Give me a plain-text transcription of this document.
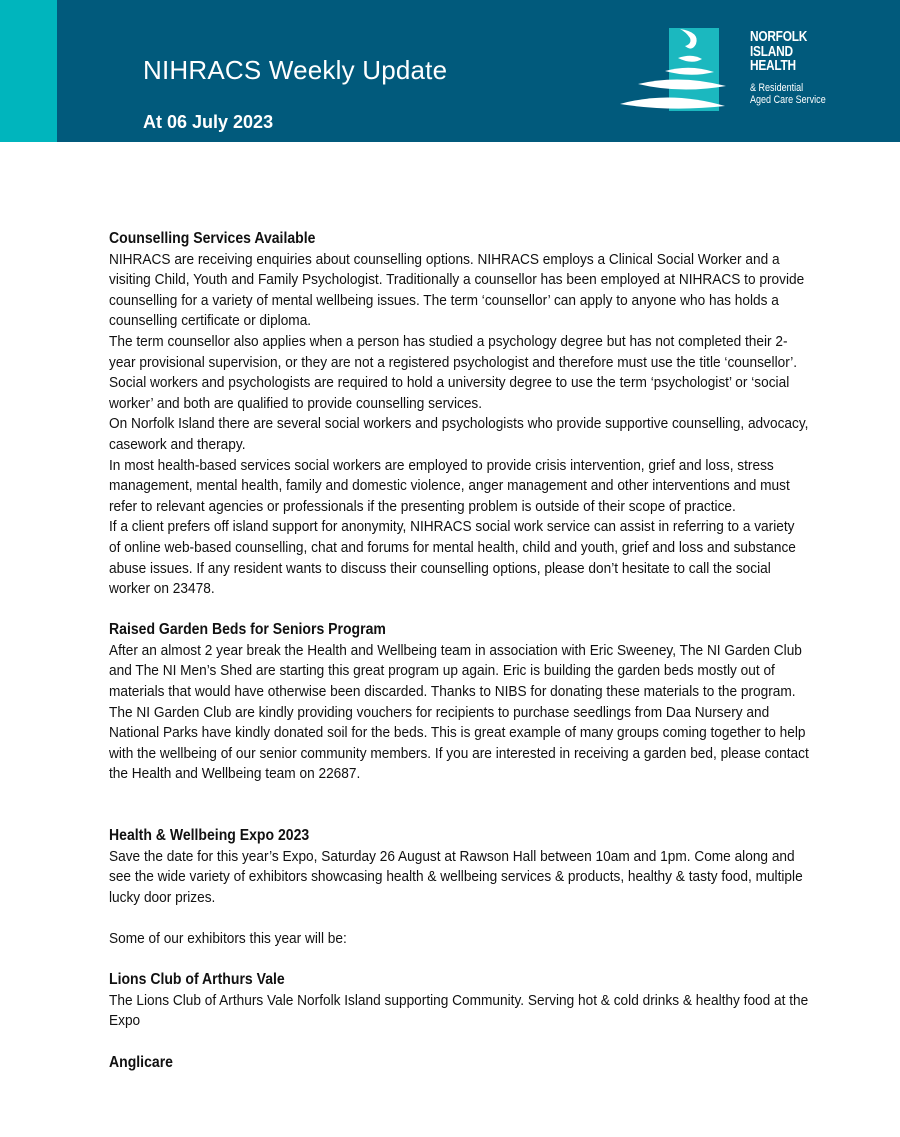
NIHRACS Weekly Update
At 06 July 2023
NORFOLK
ISLAND
HEALTH
& Residential
Aged Care Service
Counselling Services Available

NIHRACS are receiving enquiries about counselling options. NIHRACS employs a Clinical Social Worker and a visiting Child, Youth and Family Psychologist. Traditionally a counsellor has been employed at NIHRACS to provide counselling for a variety of mental wellbeing issues. The term ‘counsellor’ can apply to anyone who has holds a counselling certificate or diploma.

The term counsellor also applies when a person has studied a psychology degree but has not completed their 2-year provisional supervision, or they are not a registered psychologist and therefore must use the title ‘counsellor’.

Social workers and psychologists are required to hold a university degree to use the term ‘psychologist’ or ‘social worker’ and both are qualified to provide counselling services.

On Norfolk Island there are several social workers and psychologists who provide supportive counselling, advocacy, casework and therapy.

In most health-based services social workers are employed to provide crisis intervention, grief and loss, stress management, mental health, family and domestic violence, anger management and other interventions and must refer to relevant agencies or professionals if the presenting problem is outside of their scope of practice.

If a client prefers off island support for anonymity, NIHRACS social work service can assist in referring to a variety of online web-based counselling, chat and forums for mental health, child and youth, grief and loss and substance abuse issues. If any resident wants to discuss their counselling options, please don’t hesitate to call the social worker on 23478.

Raised Garden Beds for Seniors Program

After an almost 2 year break the Health and Wellbeing team in association with Eric Sweeney, The NI Garden Club and The NI Men’s Shed are starting this great program up again. Eric is building the garden beds mostly out of materials that would have otherwise been discarded. Thanks to NIBS for donating these materials to the program. The NI Garden Club are kindly providing vouchers for recipients to purchase seedlings from Daa Nursery and National Parks have kindly donated soil for the beds. This is great example of many groups coming together to help with the wellbeing of our senior community members. If you are interested in receiving a garden bed, please contact the Health and Wellbeing team on 22687.

Health & Wellbeing Expo 2023

Save the date for this year’s Expo, Saturday 26 August at Rawson Hall between 10am and 1pm. Come along and see the wide variety of exhibitors showcasing health & wellbeing services & products, healthy & tasty food, multiple lucky door prizes.

Some of our exhibitors this year will be:

Lions Club of Arthurs Vale

The Lions Club of Arthurs Vale Norfolk Island supporting Community. Serving hot & cold drinks & healthy food at the Expo

Anglicare
